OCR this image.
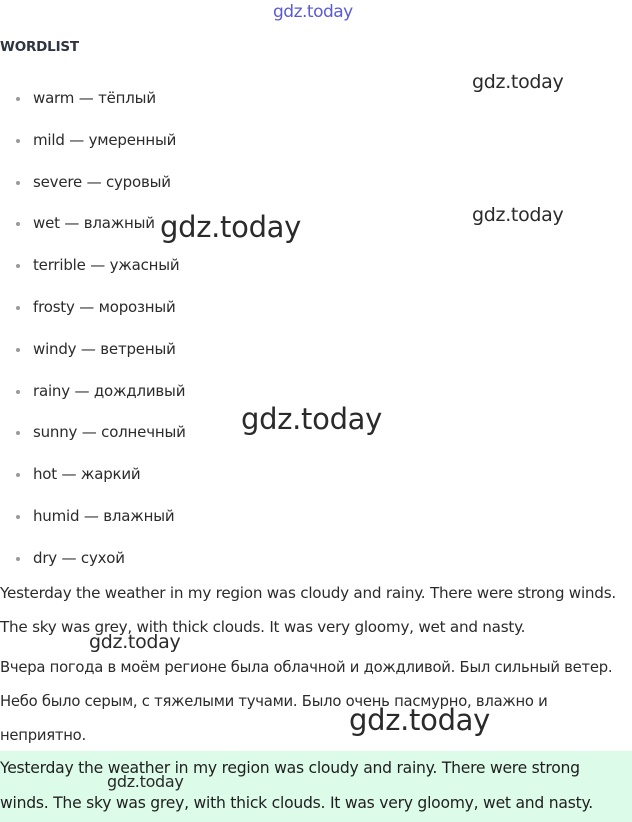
gdz.today
WORDLIST
warm — тёплый
mild — умеренный
severe — суровый
wet — влажный
terrible — ужасный
frosty — морозный
windy — ветреный
rainy — дождливый
sunny — солнечный
hot — жаркий
humid — влажный
dry — сухой

Yesterday the weather in my region was cloudy and rainy. There were strong winds. The sky was grey, with thick clouds. It was very gloomy, wet and nasty.

Вчера погода в моём регионе была облачной и дождливой. Был сильный ветер. Небо было серым, с тяжелыми тучами. Было очень пасмурно, влажно и неприятно.

Yesterday the weather in my region was cloudy and rainy. There were strong winds. The sky was grey, with thick clouds. It was very gloomy, wet and nasty.

gdz.today
gdz.today
gdz.today
gdz.today
gdz.today
gdz.today
gdz.today
